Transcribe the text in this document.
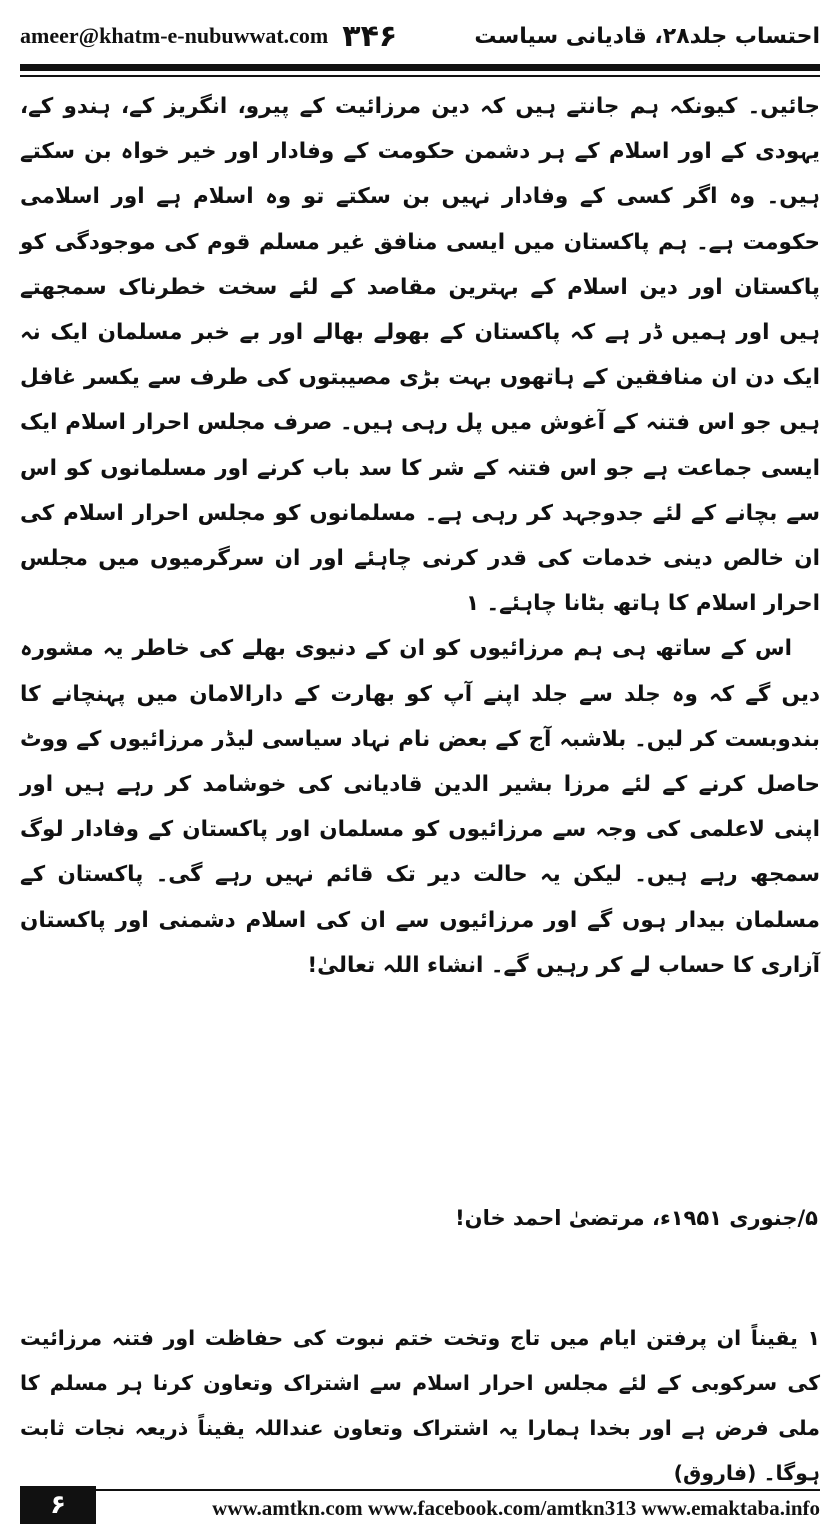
ameer@khatm-e-nubuwwat.com ۳۴۶	احتساب جلد۲۸، قادیانی سیاست

جائیں۔ کیونکہ ہم جانتے ہیں کہ دین مرزائیت کے پیرو، انگریز کے، ہندو کے، یہودی کے اور اسلام کے ہر دشمن حکومت کے وفادار اور خیر خواہ بن سکتے ہیں۔ وہ اگر کسی کے وفادار نہیں بن سکتے تو وہ اسلام ہے اور اسلامی حکومت ہے۔ ہم پاکستان میں ایسی منافق غیر مسلم قوم کی موجودگی کو پاکستان اور دین اسلام کے بہترین مقاصد کے لئے سخت خطرناک سمجھتے ہیں اور ہمیں ڈر ہے کہ پاکستان کے بھولے بھالے اور بے خبر مسلمان ایک نہ ایک دن ان منافقین کے ہاتھوں بہت بڑی مصیبتوں کی طرف سے یکسر غافل ہیں جو اس فتنہ کے آغوش میں پل رہی ہیں۔ صرف مجلس احرار اسلام ایک ایسی جماعت ہے جو اس فتنہ کے شر کا سد باب کرنے اور مسلمانوں کو اس سے بچانے کے لئے جدوجہد کر رہی ہے۔ مسلمانوں کو مجلس احرار اسلام کی ان خالص دینی خدمات کی قدر کرنی چاہئے اور ان سرگرمیوں میں مجلس احرار اسلام کا ہاتھ بٹانا چاہئے۔ ۱

اس کے ساتھ ہی ہم مرزائیوں کو ان کے دنیوی بھلے کی خاطر یہ مشورہ دیں گے کہ وہ جلد سے جلد اپنے آپ کو بھارت کے دارالامان میں پہنچانے کا بندوبست کر لیں۔ بلاشبہ آج کے بعض نام نہاد سیاسی لیڈر مرزائیوں کے ووٹ حاصل کرنے کے لئے مرزا بشیر الدین قادیانی کی خوشامد کر رہے ہیں اور اپنی لاعلمی کی وجہ سے مرزائیوں کو مسلمان اور پاکستان کے وفادار لوگ سمجھ رہے ہیں۔ لیکن یہ حالت دیر تک قائم نہیں رہے گی۔ پاکستان کے مسلمان بیدار ہوں گے اور مرزائیوں سے ان کی اسلام دشمنی اور پاکستان آزاری کا حساب لے کر رہیں گے۔ انشاء اللہ تعالیٰ!

۵/جنوری ۱۹۵۱ء، مرتضیٰ احمد خان!
۱ یقیناً ان پرفتن ایام میں تاج وتخت ختم نبوت کی حفاظت اور فتنہ مرزائیت کی سرکوبی کے لئے مجلس احرار اسلام سے اشتراک وتعاون کرنا ہر مسلم کا ملی فرض ہے اور بخدا ہمارا یہ اشتراک وتعاون عنداللہ یقیناً ذریعہ نجات ثابت ہوگا۔ (فاروق)
۶	www.amtkn.com www.facebook.com/amtkn313 www.emaktaba.info
